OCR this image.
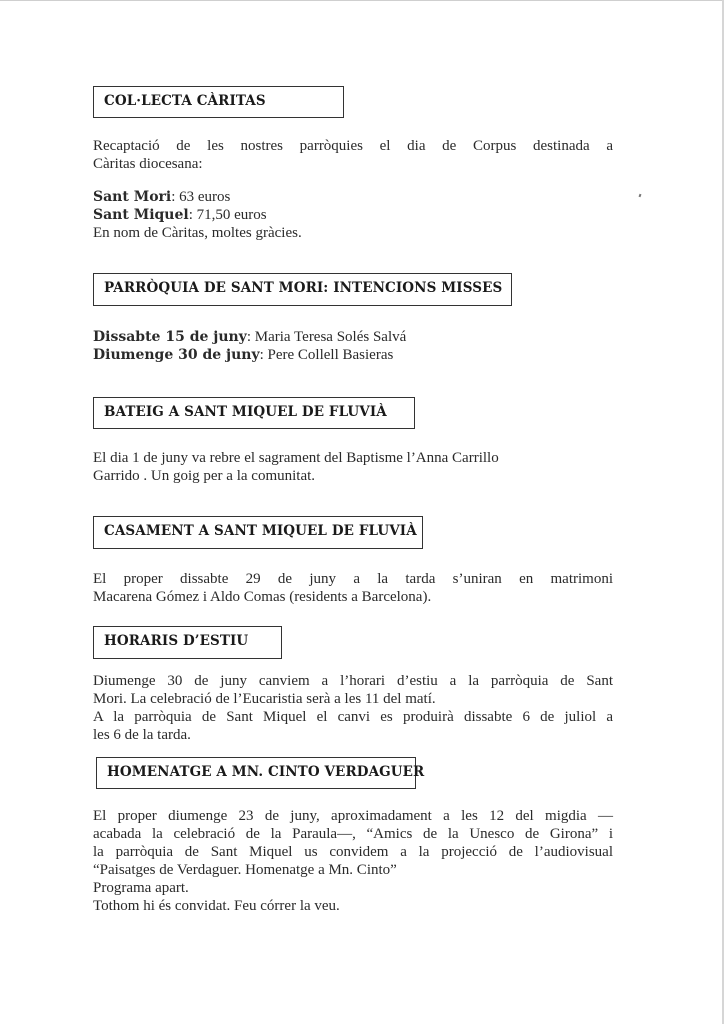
COL·LECTA CÀRITAS
Recaptació de les nostres parròquies el dia de Corpus destinada a
Càritas diocesana:
Sant Mori: 63 euros
Sant Miquel: 71,50 euros
En nom de Càritas, moltes gràcies.
PARRÒQUIA DE SANT MORI: INTENCIONS MISSES
Dissabte 15 de juny: Maria Teresa Solés Salvá
Diumenge 30 de juny: Pere Collell Basieras
BATEIG A SANT MIQUEL DE FLUVIÀ
El dia 1 de juny va rebre el sagrament del Baptisme l’Anna Carrillo
Garrido . Un goig per a la comunitat.
CASAMENT A SANT MIQUEL DE FLUVIÀ
El proper dissabte 29 de juny a la tarda s’uniran en matrimoni
Macarena Gómez i Aldo Comas (residents a Barcelona).
HORARIS D’ESTIU
Diumenge 30 de juny canviem a l’horari d’estiu a la parròquia de Sant
Mori. La celebració de l’Eucaristia serà a les 11 del matí.
A la parròquia de Sant Miquel el canvi es produirà dissabte 6 de juliol a
les 6 de la tarda.
HOMENATGE A MN. CINTO VERDAGUER
El proper diumenge 23 de juny, aproximadament a les 12 del migdia —
acabada la celebració de la Paraula—, “Amics de la Unesco de Girona” i
la parròquia de Sant Miquel us convidem a la projecció de l’audiovisual
“Paisatges de Verdaguer. Homenatge a Mn. Cinto”
Programa apart.
Tothom hi és convidat. Feu córrer la veu.
